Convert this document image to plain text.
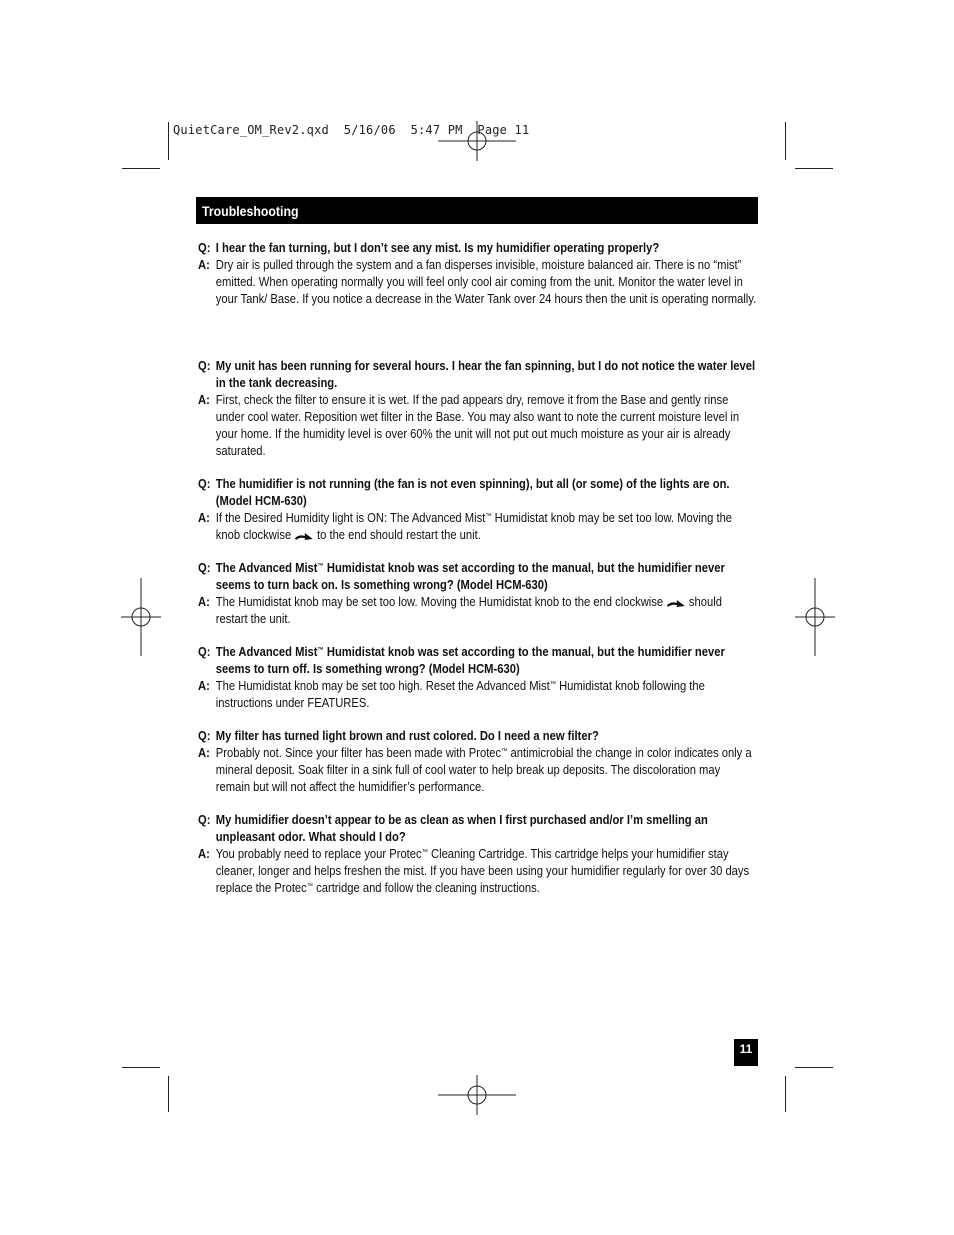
QuietCare_OM_Rev2.qxd  5/16/06  5:47 PM  Page 11
Troubleshooting
Q: I hear the fan turning, but I don’t see any mist. Is my humidifier operating properly?
A: Dry air is pulled through the system and a fan disperses invisible, moisture balanced air. There is no “mist” emitted. When operating normally you will feel only cool air coming from the unit. Monitor the water level in your Tank/ Base. If you notice a decrease in the Water Tank over 24 hours then the unit is operating normally.
Q: My unit has been running for several hours. I hear the fan spinning, but I do not notice the water level in the tank decreasing.
A: First, check the filter to ensure it is wet. If the pad appears dry, remove it from the Base and gently rinse under cool water. Reposition wet filter in the Base. You may also want to note the current moisture level in your home. If the humidity level is over 60% the unit will not put out much moisture as your air is already saturated.
Q: The humidifier is not running (the fan is not even spinning), but all (or some) of the lights are on. (Model HCM-630)
A: If the Desired Humidity light is ON: The Advanced Mist™ Humidistat knob may be set too low. Moving the knob clockwise  to the end should restart the unit.
Q: The Advanced Mist™ Humidistat knob was set according to the manual, but the humidifier never seems to turn back on. Is something wrong? (Model HCM-630)
A: The Humidistat knob may be set too low. Moving the Humidistat knob to the end clockwise  should restart the unit.
Q: The Advanced Mist™ Humidistat knob was set according to the manual, but the humidifier never seems to turn off. Is something wrong? (Model HCM-630)
A: The Humidistat knob may be set too high. Reset the Advanced Mist™ Humidistat knob following the instructions under FEATURES.
Q: My filter has turned light brown and rust colored. Do I need a new filter?
A: Probably not. Since your filter has been made with Protec™ antimicrobial the change in color indicates only a mineral deposit. Soak filter in a sink full of cool water to help break up deposits. The discoloration may remain but will not affect the humidifier’s performance.
Q: My humidifier doesn’t appear to be as clean as when I first purchased and/or I’m smelling an unpleasant odor. What should I do?
A: You probably need to replace your Protec™ Cleaning Cartridge. This cartridge helps your humidifier stay cleaner, longer and helps freshen the mist. If you have been using your humidifier regularly for over 30 days replace the Protec™ cartridge and follow the cleaning instructions.
11
